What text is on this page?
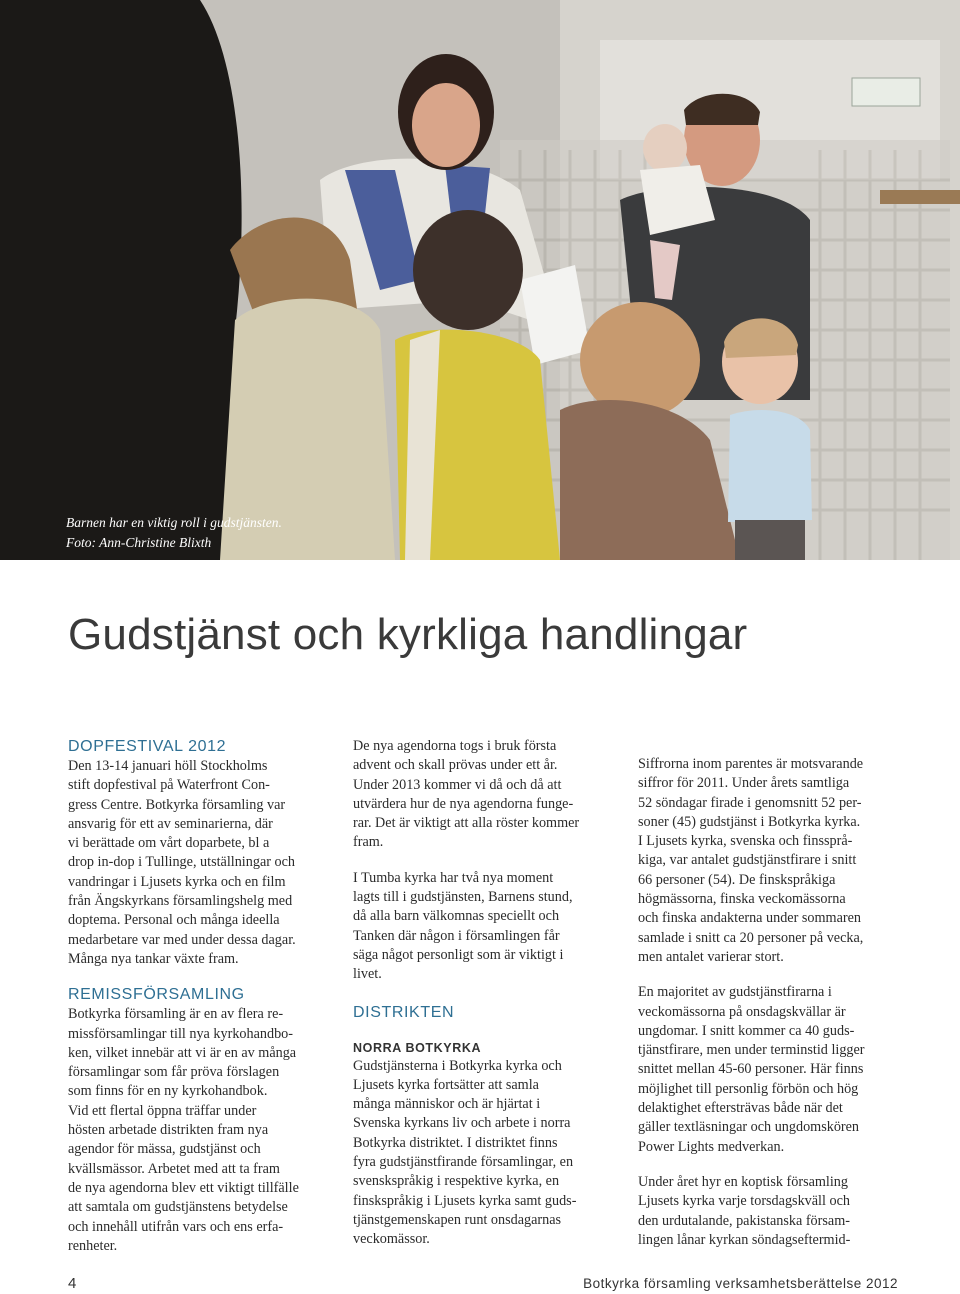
Barnen har en viktig roll i gudstjänsten.
Foto: Ann-Christine Blixth
Gudstjänst och kyrkliga handlingar
DOPFESTIVAL 2012

Den 13-14 januari höll Stockholms

stift dopfestival på Waterfront Con-

gress Centre. Botkyrka församling var

ansvarig för ett av seminarierna, där

vi berättade om vårt doparbete, bl a

drop in-dop i Tullinge, utställningar och

vandringar i Ljusets kyrka och en film

från Ängskyrkans församlingshelg med

doptema. Personal och många ideella

medarbetare var med under dessa dagar.

Många nya tankar växte fram.

REMISSFÖRSAMLING

Botkyrka församling är en av flera re-

missförsamlingar till nya kyrkohandbo-

ken, vilket innebär att vi är en av många

församlingar som får pröva förslagen

som finns för en ny kyrkohandbok.

Vid ett flertal öppna träffar under

hösten arbetade distrikten fram nya

agendor för mässa, gudstjänst och

kvällsmässor. Arbetet med att ta fram

de nya agendorna blev ett viktigt tillfälle

att samtala om gudstjänstens betydelse

och innehåll utifrån vars och ens erfa-

renheter.

De nya agendorna togs i bruk första

advent och skall prövas under ett år.

Under 2013 kommer vi då och då att

utvärdera hur de nya agendorna funge-

rar. Det är viktigt att alla röster kommer

fram.

I Tumba kyrka har två nya moment

lagts till i gudstjänsten, Barnens stund,

då alla barn välkomnas speciellt och

Tanken där någon i församlingen får

säga något personligt som är viktigt i

livet.

DISTRIKTEN
NORRA BOTKYRKA

Gudstjänsterna i Botkyrka kyrka och

Ljusets kyrka fortsätter att samla

många människor och är hjärtat i

Svenska kyrkans liv och arbete i norra

Botkyrka distriktet. I distriktet finns

fyra gudstjänstfirande församlingar, en

svenskspråkig i respektive kyrka, en

finskspråkig i Ljusets kyrka samt guds-

tjänstgemenskapen runt onsdagarnas

veckomässor.

Siffrorna inom parentes är motsvarande

siffror för 2011. Under årets samtliga

52 söndagar firade i genomsnitt 52 per-

soner (45) gudstjänst i Botkyrka kyrka.

I Ljusets kyrka, svenska och finssprå-

kiga, var antalet gudstjänstfirare i snitt

66 personer (54). De finskspråkiga

högmässorna, finska veckomässorna

och finska andakterna under sommaren

samlade i snitt ca 20 personer på vecka,

men antalet varierar stort.

En majoritet av gudstjänstfirarna i

veckomässorna på onsdagskvällar är

ungdomar. I snitt kommer ca 40 guds-

tjänstfirare, men under terminstid ligger

snittet mellan 45-60 personer. Här finns

möjlighet till personlig förbön och hög

delaktighet eftersträvas både när det

gäller textläsningar och ungdomskören

Power Lights medverkan.

Under året hyr en koptisk församling

Ljusets kyrka varje torsdagskväll och

den urdutalande, pakistanska försam-

lingen lånar kyrkan söndagseftermid-

4	Botkyrka församling verksamhetsberättelse 2012
